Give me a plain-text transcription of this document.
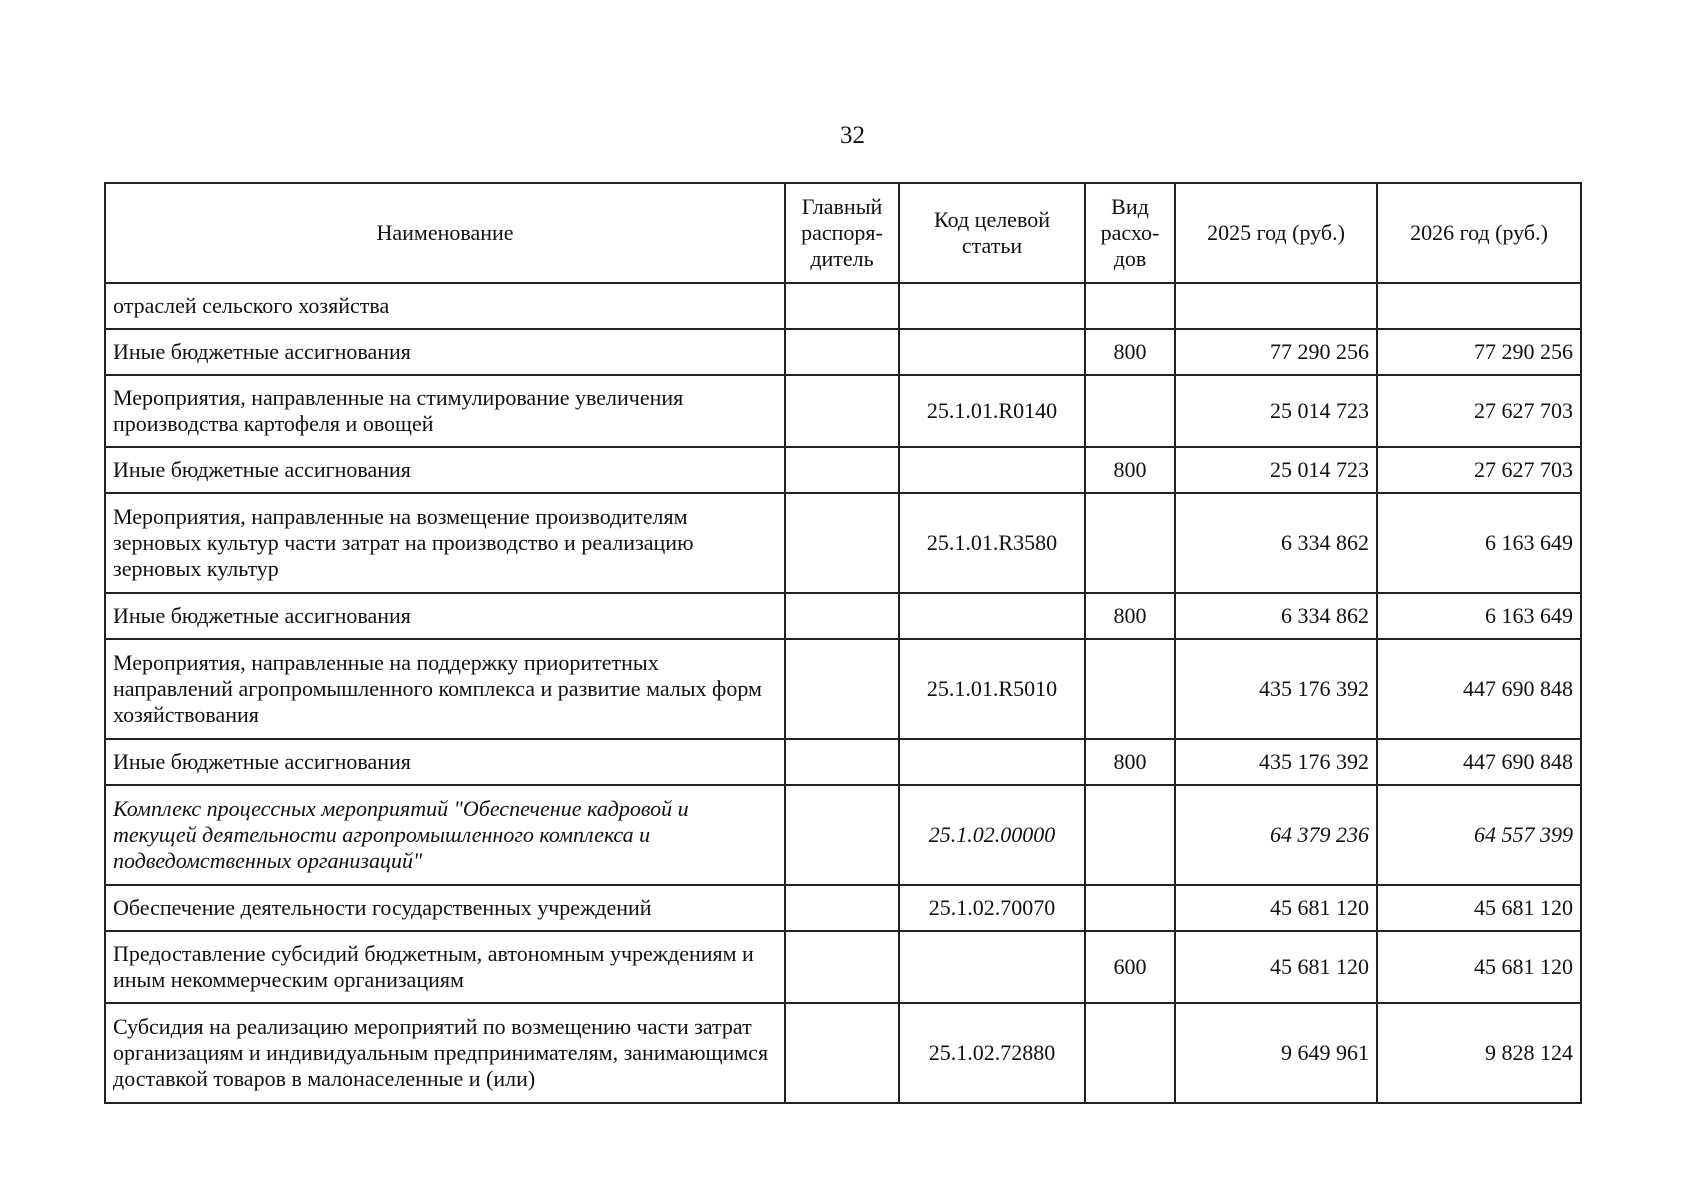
32
Наименование	Главный распоря-дитель	Код целевой статьи	Вид расхо-дов	2025 год (руб.)	2026 год (руб.)
отраслей сельского хозяйства					
Иные бюджетные ассигнования			800	77 290 256	77 290 256
Мероприятия, направленные на стимулирование увеличения производства картофеля и овощей		25.1.01.R0140		25 014 723	27 627 703
Иные бюджетные ассигнования			800	25 014 723	27 627 703
Мероприятия, направленные на возмещение производителям зерновых культур части затрат на производство и реализацию зерновых культур		25.1.01.R3580		6 334 862	6 163 649
Иные бюджетные ассигнования			800	6 334 862	6 163 649
Мероприятия, направленные на поддержку приоритетных направлений агропромышленного комплекса и развитие малых форм хозяйствования		25.1.01.R5010		435 176 392	447 690 848
Иные бюджетные ассигнования			800	435 176 392	447 690 848
Комплекс процессных мероприятий "Обеспечение кадровой и текущей деятельности агропромышленного комплекса и подведомственных организаций"		25.1.02.00000		64 379 236	64 557 399
Обеспечение деятельности государственных учреждений		25.1.02.70070		45 681 120	45 681 120
Предоставление субсидий бюджетным, автономным учреждениям и иным некоммерческим организациям			600	45 681 120	45 681 120
Субсидия на реализацию мероприятий по возмещению части затрат организациям и индивидуальным предпринимателям, занимающимся доставкой товаров в малонаселенные и (или)		25.1.02.72880		9 649 961	9 828 124
